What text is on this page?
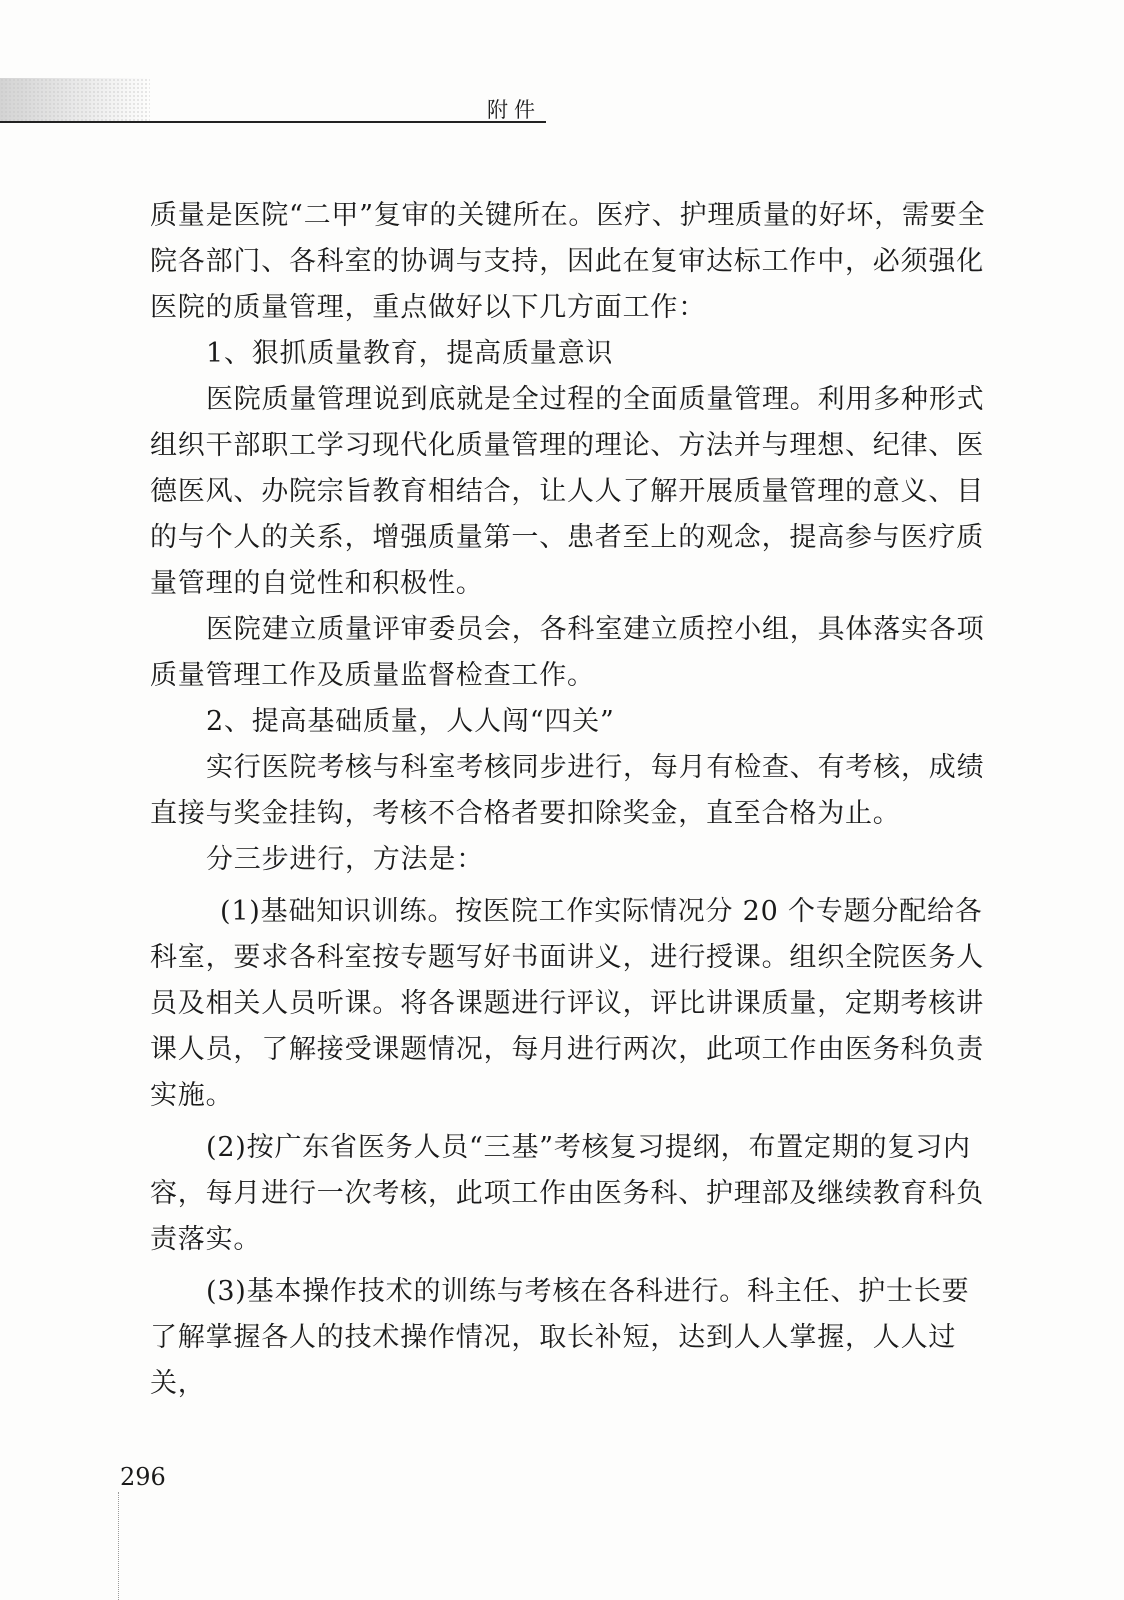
附件

质量是医院“二甲”复审的关键所在。医疗、护理质量的好坏，需要全院各部门、各科室的协调与支持，因此在复审达标工作中，必须强化医院的质量管理，重点做好以下几方面工作：

1、狠抓质量教育，提高质量意识

医院质量管理说到底就是全过程的全面质量管理。利用多种形式组织干部职工学习现代化质量管理的理论、方法并与理想、纪律、医德医风、办院宗旨教育相结合，让人人了解开展质量管理的意义、目的与个人的关系，增强质量第一、患者至上的观念，提高参与医疗质量管理的自觉性和积极性。

医院建立质量评审委员会，各科室建立质控小组，具体落实各项质量管理工作及质量监督检查工作。

2、提高基础质量，人人闯“四关”

实行医院考核与科室考核同步进行，每月有检查、有考核，成绩直接与奖金挂钩，考核不合格者要扣除奖金，直至合格为止。

分三步进行，方法是：

(1)基础知识训练。按医院工作实际情况分 20 个专题分配给各科室，要求各科室按专题写好书面讲义，进行授课。组织全院医务人员及相关人员听课。将各课题进行评议，评比讲课质量，定期考核讲课人员，了解接受课题情况，每月进行两次，此项工作由医务科负责实施。

(2)按广东省医务人员“三基”考核复习提纲，布置定期的复习内容，每月进行一次考核，此项工作由医务科、护理部及继续教育科负责落实。

(3)基本操作技术的训练与考核在各科进行。科主任、护士长要了解掌握各人的技术操作情况，取长补短，达到人人掌握，人人过关，

296
